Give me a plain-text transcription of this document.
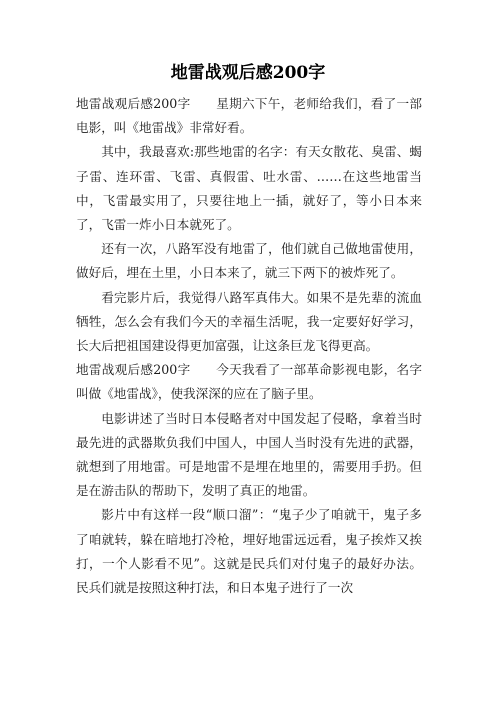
地雷战观后感200字

地雷战观后感200字　　星期六下午，老师给我们，看了一部电影，叫《地雷战》非常好看。

其中，我最喜欢:那些地雷的名字：有天女散花、臭雷、蝎子雷、连环雷、飞雷、真假雷、吐水雷、……在这些地雷当中，飞雷最实用了，只要往地上一插，就好了，等小日本来了，飞雷一炸小日本就死了。

还有一次，八路军没有地雷了，他们就自己做地雷使用，做好后，埋在土里，小日本来了，就三下两下的被炸死了。

看完影片后，我觉得八路军真伟大。如果不是先辈的流血牺牲，怎么会有我们今天的幸福生活呢，我一定要好好学习，长大后把祖国建设得更加富强，让这条巨龙飞得更高。

地雷战观后感200字　　今天我看了一部革命影视电影，名字叫做《地雷战》，使我深深的应在了脑子里。

电影讲述了当时日本侵略者对中国发起了侵略，拿着当时最先进的武器欺负我们中国人，中国人当时没有先进的武器，就想到了用地雷。可是地雷不是埋在地里的，需要用手扔。但是在游击队的帮助下，发明了真正的地雷。

影片中有这样一段“顺口溜”：“鬼子少了咱就干，鬼子多了咱就转，躲在暗地打冷枪，埋好地雷远远看，鬼子挨炸又挨打，一个人影看不见”。这就是民兵们对付鬼子的最好办法。民兵们就是按照这种打法，和日本鬼子进行了一次
